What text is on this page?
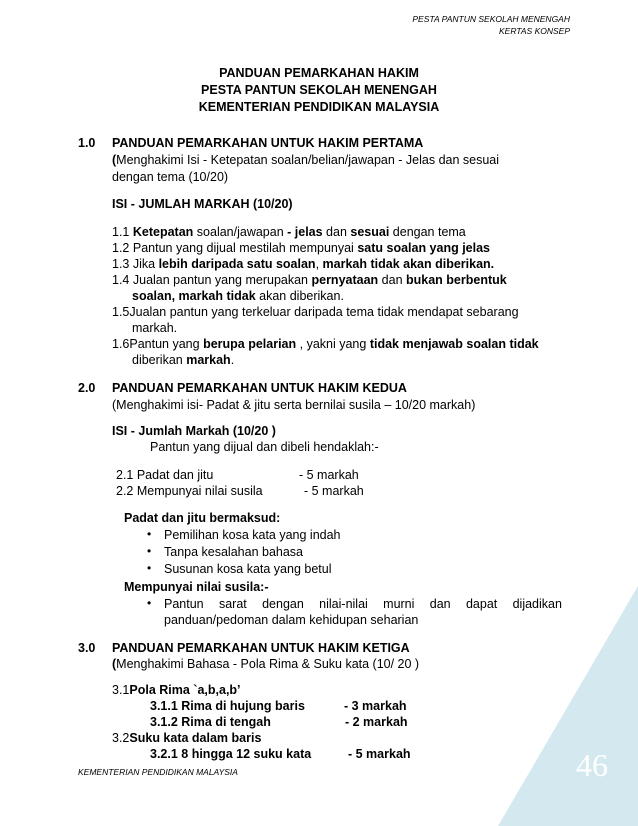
PESTA PANTUN SEKOLAH MENENGAH
KERTAS KONSEP
PANDUAN PEMARKAHAN HAKIM
PESTA PANTUN SEKOLAH MENENGAH
KEMENTERIAN PENDIDIKAN MALAYSIA
1.0 PANDUAN PEMARKAHAN UNTUK HAKIM PERTAMA
(Menghakimi Isi - Ketepatan soalan/belian/jawapan - Jelas dan sesuai
dengan tema (10/20)
ISI - JUMLAH MARKAH (10/20)
1.1 Ketepatan soalan/jawapan - jelas dan sesuai dengan tema
1.2 Pantun yang dijual mestilah mempunyai satu soalan yang jelas
1.3 Jika lebih daripada satu soalan, markah tidak akan diberikan.
1.4 Jualan pantun yang merupakan pernyataan dan bukan berbentuk
soalan, markah tidak akan diberikan.
1.5Jualan pantun yang terkeluar daripada tema tidak mendapat sebarang
markah.
1.6Pantun yang berupa pelarian , yakni yang tidak menjawab soalan tidak
diberikan markah.
2.0 PANDUAN PEMARKAHAN UNTUK HAKIM KEDUA
(Menghakimi isi- Padat & jitu serta bernilai susila – 10/20 markah)
ISI - Jumlah Markah (10/20 )
Pantun yang dijual dan dibeli hendaklah:-
2.1 Padat dan jitu	- 5 markah
2.2 Mempunyai nilai susila	- 5 markah
Padat dan jitu bermaksud:
• Pemilihan kosa kata yang indah
• Tanpa kesalahan bahasa
• Susunan kosa kata yang betul
Mempunyai nilai susila:-
• Pantun sarat dengan nilai-nilai murni dan dapat dijadikan
panduan/pedoman dalam kehidupan seharian
3.0 PANDUAN PEMARKAHAN UNTUK HAKIM KETIGA
(Menghakimi Bahasa - Pola Rima & Suku kata (10/ 20 )
3.1Pola Rima `a,b,a,b’
3.1.1 Rima di hujung baris	- 3 markah
3.1.2 Rima di tengah	- 2 markah
3.2Suku kata dalam baris
3.2.1 8 hingga 12 suku kata	- 5 markah
KEMENTERIAN PENDIDIKAN MALAYSIA	46
